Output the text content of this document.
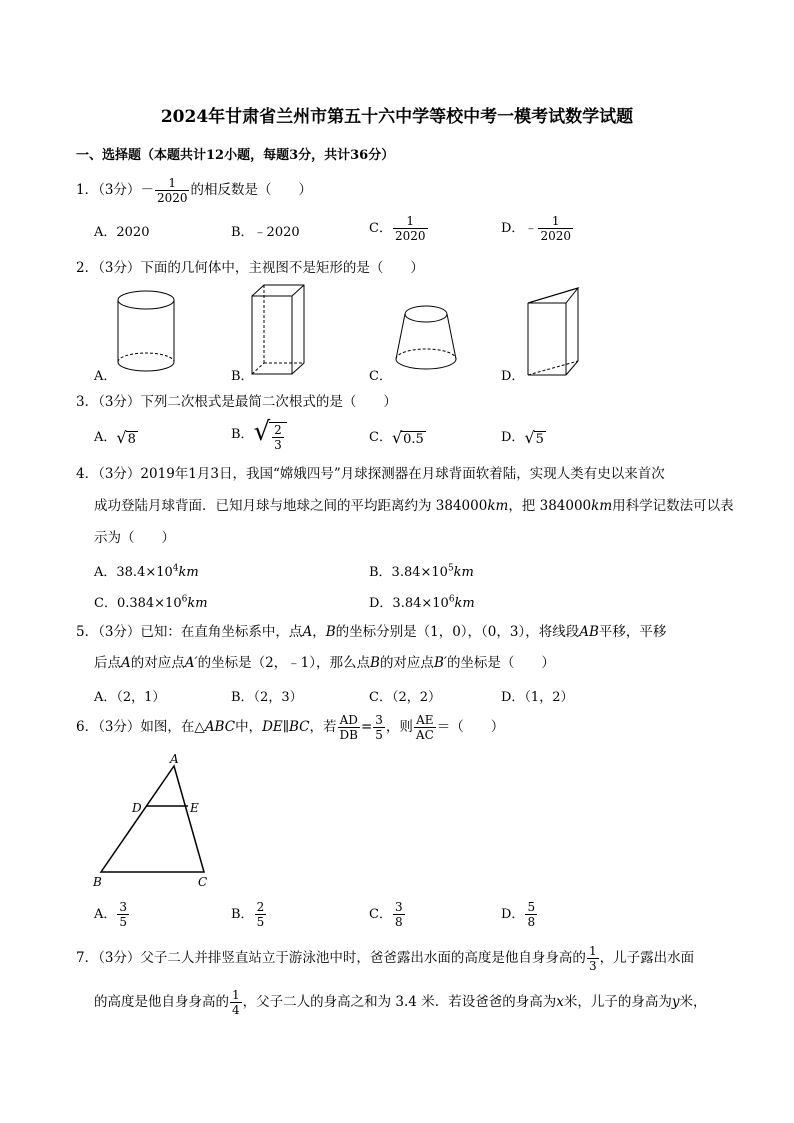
2024年甘肃省兰州市第五十六中学等校中考一模考试数学试题
一、选择题（本题共计12小题，每题3分，共计36分）
1．（3分）－ $\frac{1}{2020}$ 的相反数是（　　）
A．2020	B．﹣2020	C． $\frac{1}{2020}$	D．﹣ $\frac{1}{2020}$
2．（3分）下面的几何体中，主视图不是矩形的是（　　）
A．	B．	C．	D．
3．（3分）下列二次根式是最简二次根式的是（　　）
A．√8	B．√ $\frac{2}{3}$	C．√0.5	D．√5
4．（3分）2019年1月3日，我国“嫦娥四号”月球探测器在月球背面软着陆，实现人类有史以来首次
成功登陆月球背面．已知月球与地球之间的平均距离约为 384000km，把 384000km用科学记数法可以表
示为（　　）
A．$38.4\times 10^4km$	B．$3.84\times 10^5km$
C．$0.384\times 10^6km$	D．$3.84\times 10^6km$
5．（3分）已知：在直角坐标系中，点A，B的坐标分别是（1，0），（0，3），将线段AB平移，平移
后点A的对应点A′的坐标是（2，﹣1），那么点B的对应点B′的坐标是（　　）
A．（2，1）	B．（2，3）	C．（2，2）	D．（1，2）
6．（3分）如图，在△ABC中，DE∥BC，若 $\frac{AD}{DB} = \frac{3}{5}$ ，则 $\frac{AE}{AC}$ ＝（　　）
A
D	E
B	C
A． $\frac{3}{5}$	B． $\frac{2}{5}$	C． $\frac{3}{8}$	D． $\frac{5}{8}$
7．（3分）父子二人并排竖直站立于游泳池中时，爸爸露出水面的高度是他自身身高的 $\frac{1}{3}$ ，儿子露出水面
的高度是他自身身高的 $\frac{1}{4}$ ，父子二人的身高之和为 3.4 米．若设爸爸的身高为x米，儿子的身高为y米，
